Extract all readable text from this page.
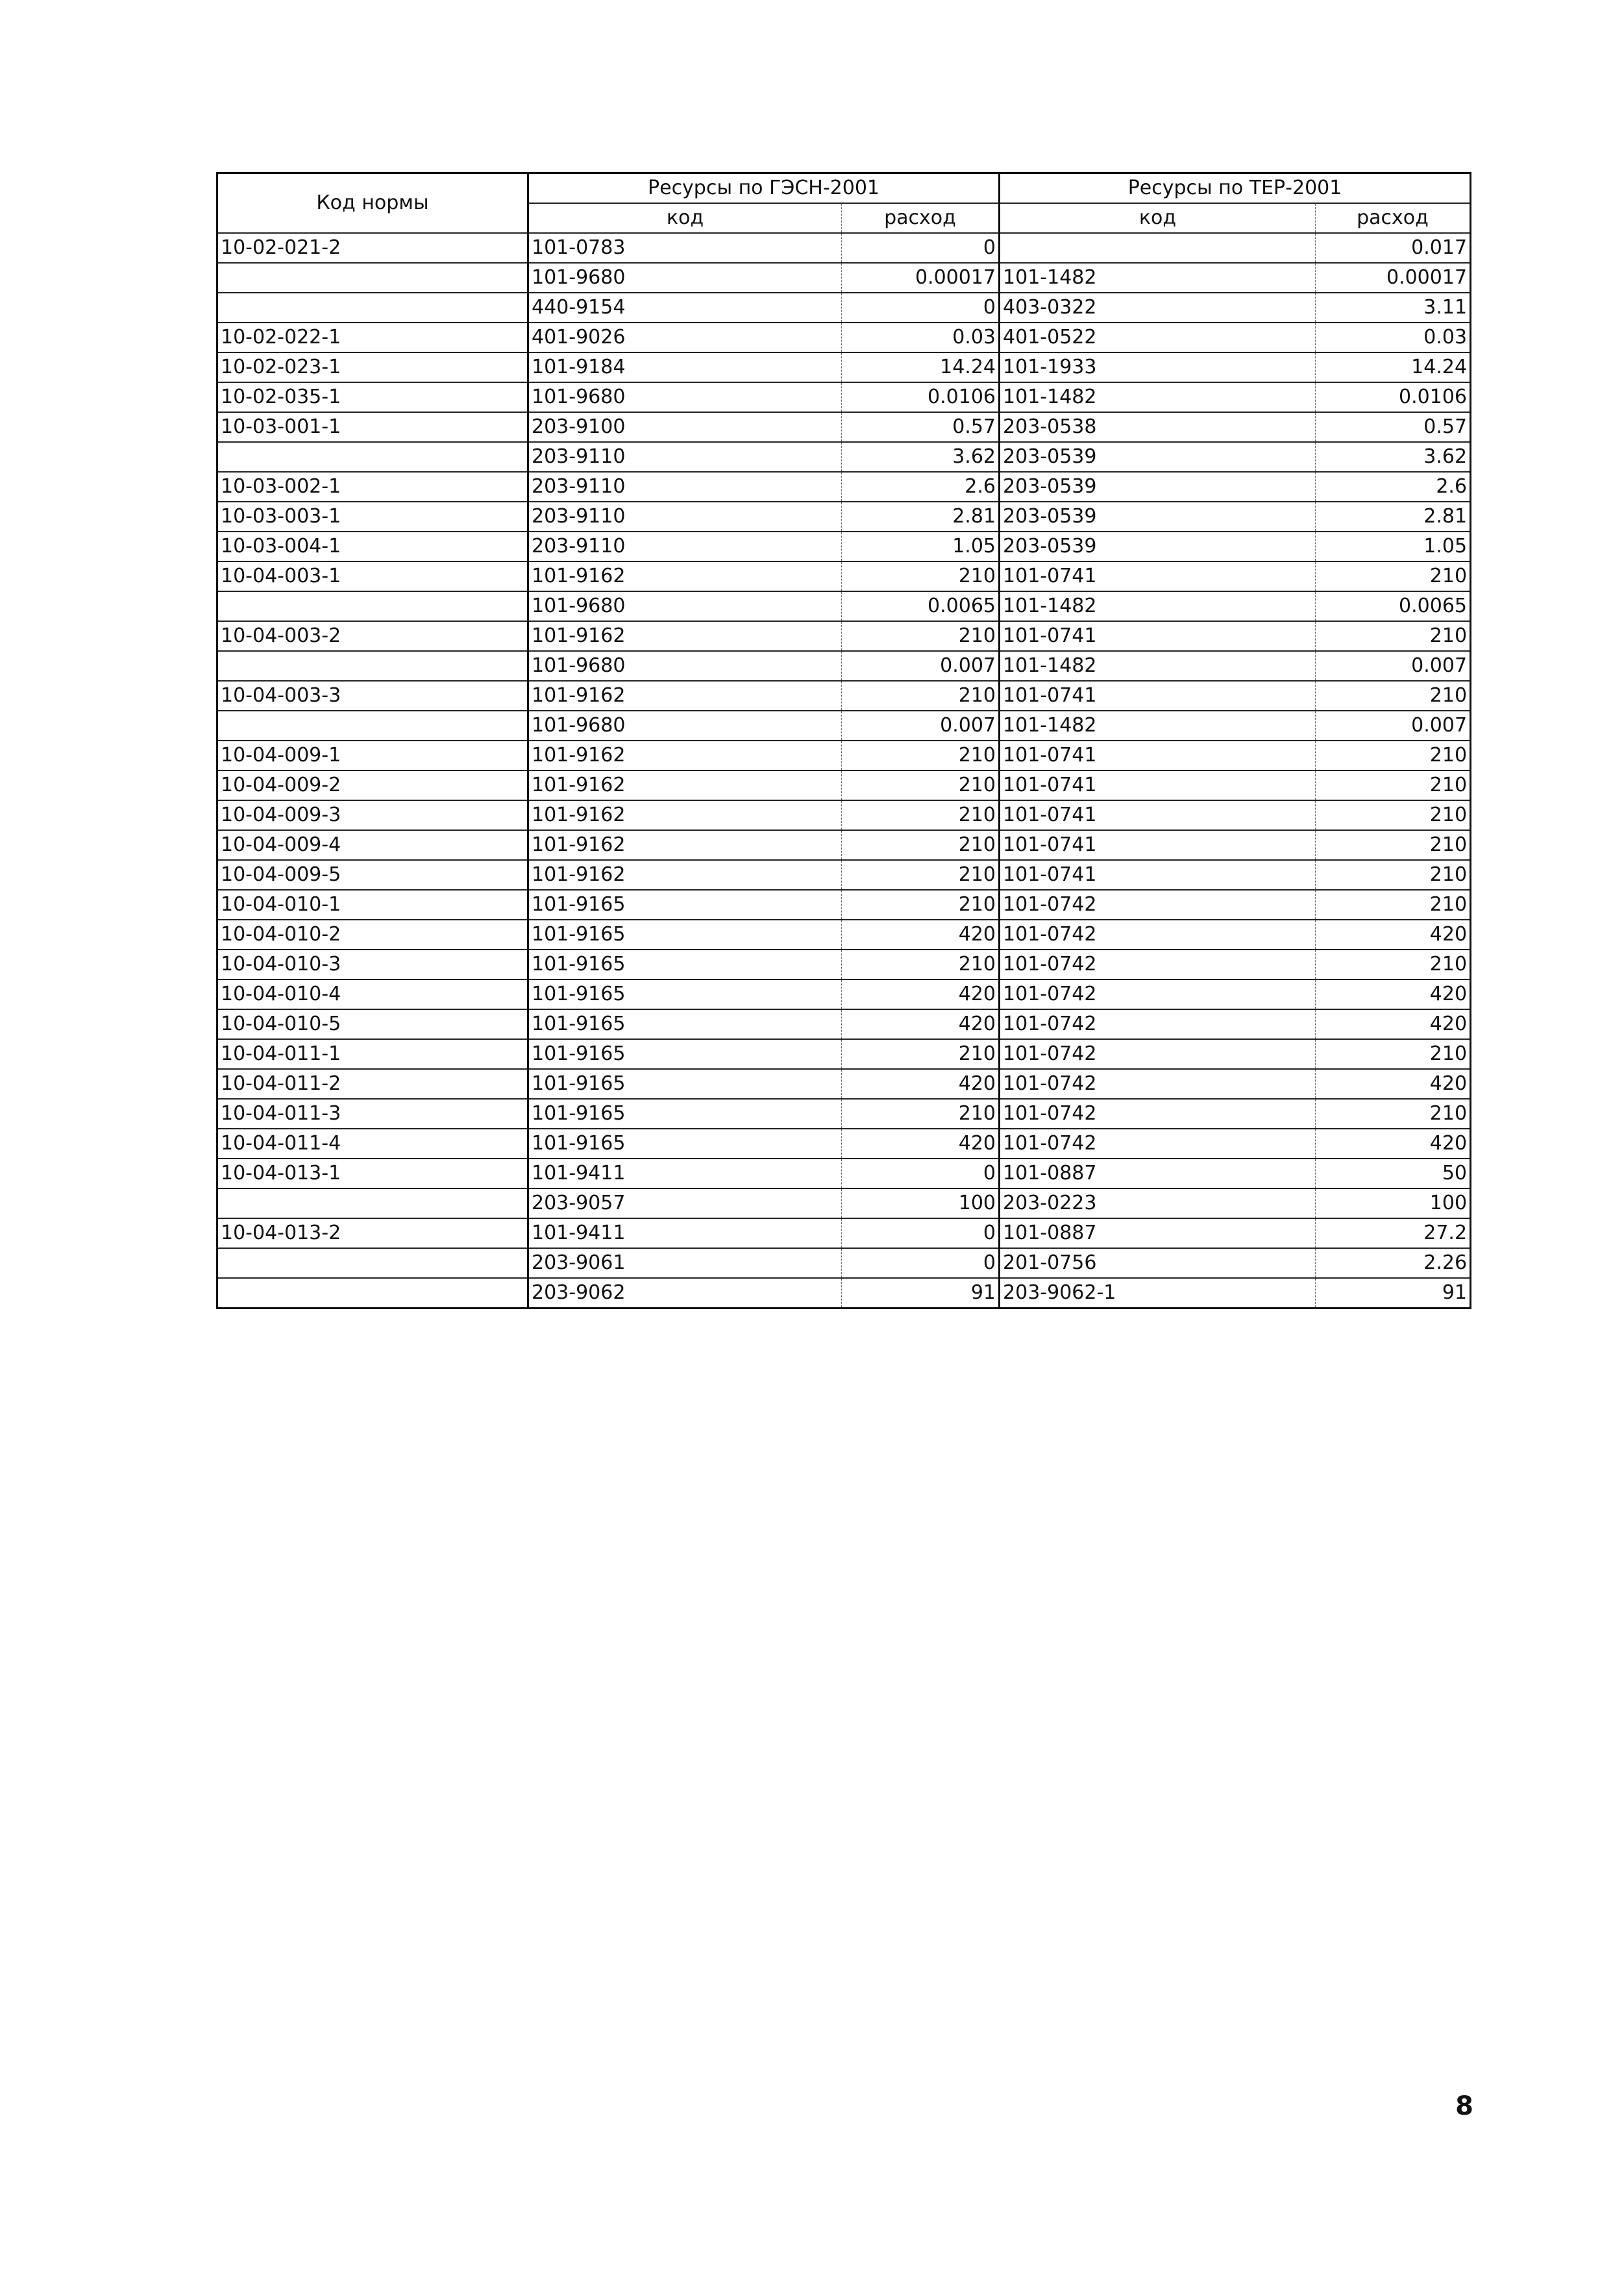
Код нормы	Ресурсы по ГЭСН-2001		Ресурсы по ТЕР-2001	
	код	расход	код	расход
10-02-021-2	101-0783	0		0.017
	101-9680	0.00017	101-1482	0.00017
	440-9154	0	403-0322	3.11
10-02-022-1	401-9026	0.03	401-0522	0.03
10-02-023-1	101-9184	14.24	101-1933	14.24
10-02-035-1	101-9680	0.0106	101-1482	0.0106
10-03-001-1	203-9100	0.57	203-0538	0.57
	203-9110	3.62	203-0539	3.62
10-03-002-1	203-9110	2.6	203-0539	2.6
10-03-003-1	203-9110	2.81	203-0539	2.81
10-03-004-1	203-9110	1.05	203-0539	1.05
10-04-003-1	101-9162	210	101-0741	210
	101-9680	0.0065	101-1482	0.0065
10-04-003-2	101-9162	210	101-0741	210
	101-9680	0.007	101-1482	0.007
10-04-003-3	101-9162	210	101-0741	210
	101-9680	0.007	101-1482	0.007
10-04-009-1	101-9162	210	101-0741	210
10-04-009-2	101-9162	210	101-0741	210
10-04-009-3	101-9162	210	101-0741	210
10-04-009-4	101-9162	210	101-0741	210
10-04-009-5	101-9162	210	101-0741	210
10-04-010-1	101-9165	210	101-0742	210
10-04-010-2	101-9165	420	101-0742	420
10-04-010-3	101-9165	210	101-0742	210
10-04-010-4	101-9165	420	101-0742	420
10-04-010-5	101-9165	420	101-0742	420
10-04-011-1	101-9165	210	101-0742	210
10-04-011-2	101-9165	420	101-0742	420
10-04-011-3	101-9165	210	101-0742	210
10-04-011-4	101-9165	420	101-0742	420
10-04-013-1	101-9411	0	101-0887	50
	203-9057	100	203-0223	100
10-04-013-2	101-9411	0	101-0887	27.2
	203-9061	0	201-0756	2.26
	203-9062	91	203-9062-1	91
8
